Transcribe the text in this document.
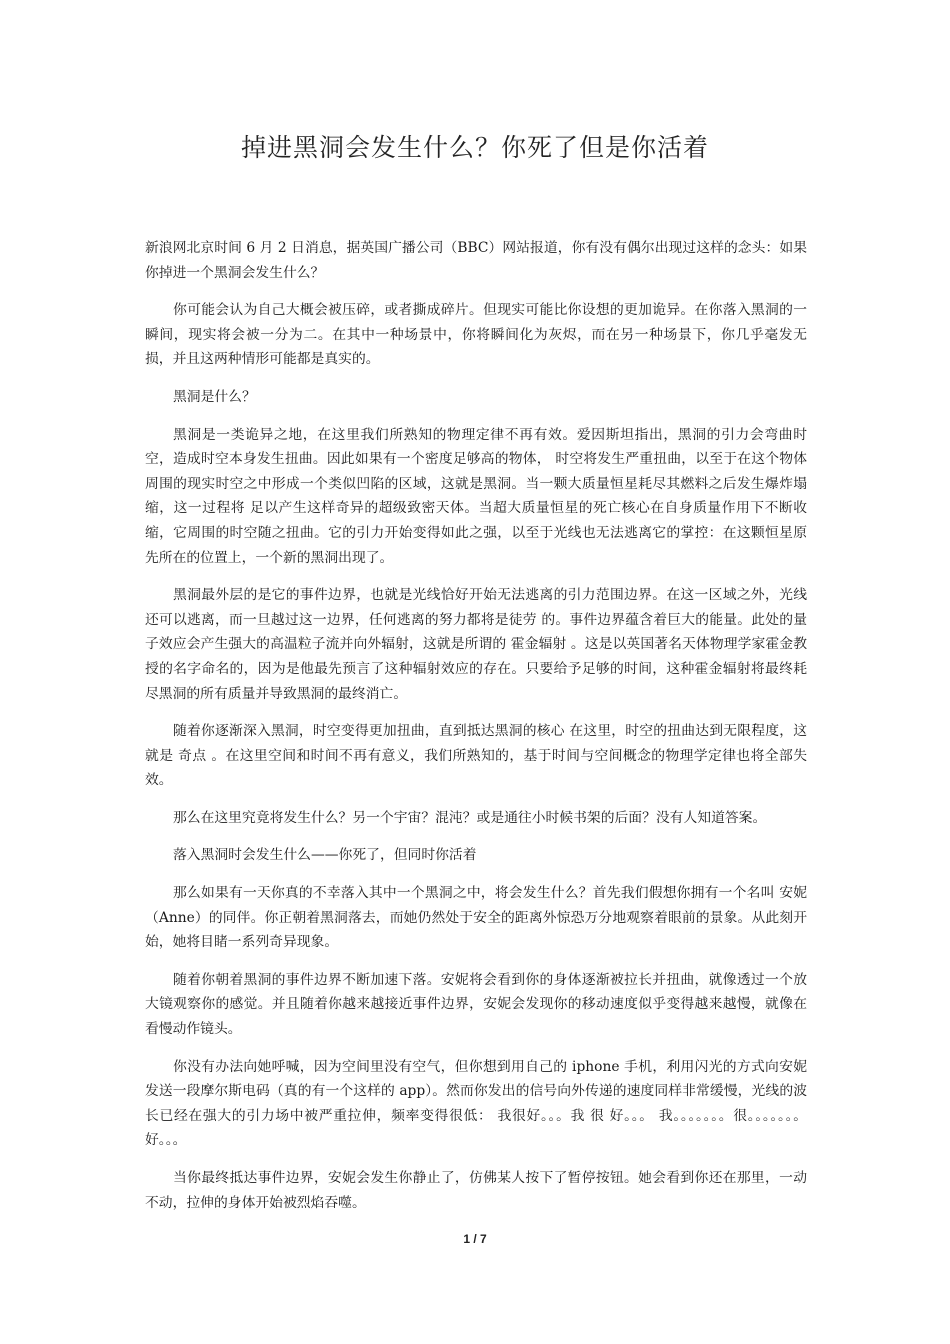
掉进黑洞会发生什么？你死了但是你活着

新浪网北京时间 6 月 2 日消息，据英国广播公司（BBC）网站报道，你有没有偶尔出现过这样的念头：如果你掉进一个黑洞会发生什么？

你可能会认为自己大概会被压碎，或者撕成碎片。但现实可能比你设想的更加诡异。在你落入黑洞的一瞬间，现实将会被一分为二。在其中一种场景中，你将瞬间化为灰烬，而在另一种场景下，你几乎毫发无损，并且这两种情形可能都是真实的。

黑洞是什么？

黑洞是一类诡异之地，在这里我们所熟知的物理定律不再有效。爱因斯坦指出，黑洞的引力会弯曲时空，造成时空本身发生扭曲。因此如果有一个密度足够高的物体， 时空将发生严重扭曲，以至于在这个物体周围的现实时空之中形成一个类似凹陷的区域，这就是黑洞。当一颗大质量恒星耗尽其燃料之后发生爆炸塌缩，这一过程将 足以产生这样奇异的超级致密天体。当超大质量恒星的死亡核心在自身质量作用下不断收缩，它周围的时空随之扭曲。它的引力开始变得如此之强，以至于光线也无法逃离它的掌控：在这颗恒星原先所在的位置上，一个新的黑洞出现了。

黑洞最外层的是它的事件边界，也就是光线恰好开始无法逃离的引力范围边界。在这一区域之外，光线还可以逃离，而一旦越过这一边界，任何逃离的努力都将是徒劳 的。事件边界蕴含着巨大的能量。此处的量子效应会产生强大的高温粒子流并向外辐射，这就是所谓的 霍金辐射 。这是以英国著名天体物理学家霍金教授的名字命名的，因为是他最先预言了这种辐射效应的存在。只要给予足够的时间，这种霍金辐射将最终耗尽黑洞的所有质量并导致黑洞的最终消亡。

随着你逐渐深入黑洞，时空变得更加扭曲，直到抵达黑洞的核心 在这里，时空的扭曲达到无限程度，这就是 奇点 。在这里空间和时间不再有意义，我们所熟知的，基于时间与空间概念的物理学定律也将全部失效。

那么在这里究竟将发生什么？另一个宇宙？混沌？或是通往小时候书架的后面？没有人知道答案。

落入黑洞时会发生什么——你死了，但同时你活着

那么如果有一天你真的不幸落入其中一个黑洞之中，将会发生什么？首先我们假想你拥有一个名叫 安妮（Anne）的同伴。你正朝着黑洞落去，而她仍然处于安全的距离外惊恐万分地观察着眼前的景象。从此刻开始，她将目睹一系列奇异现象。

随着你朝着黑洞的事件边界不断加速下落。安妮将会看到你的身体逐渐被拉长并扭曲，就像透过一个放大镜观察你的感觉。并且随着你越来越接近事件边界，安妮会发现你的移动速度似乎变得越来越慢，就像在看慢动作镜头。

你没有办法向她呼喊，因为空间里没有空气，但你想到用自己的 iphone 手机，利用闪光的方式向安妮发送一段摩尔斯电码（真的有一个这样的 app）。然而你发出的信号向外传递的速度同样非常缓慢，光线的波长已经在强大的引力场中被严重拉伸，频率变得很低： 我很好。。。我 很 好。。。 我。。。。。。。很。。。。。。。好。。。

当你最终抵达事件边界，安妮会发生你静止了，仿佛某人按下了暂停按钮。她会看到你还在那里，一动不动，拉伸的身体开始被烈焰吞噬。

1 / 7
